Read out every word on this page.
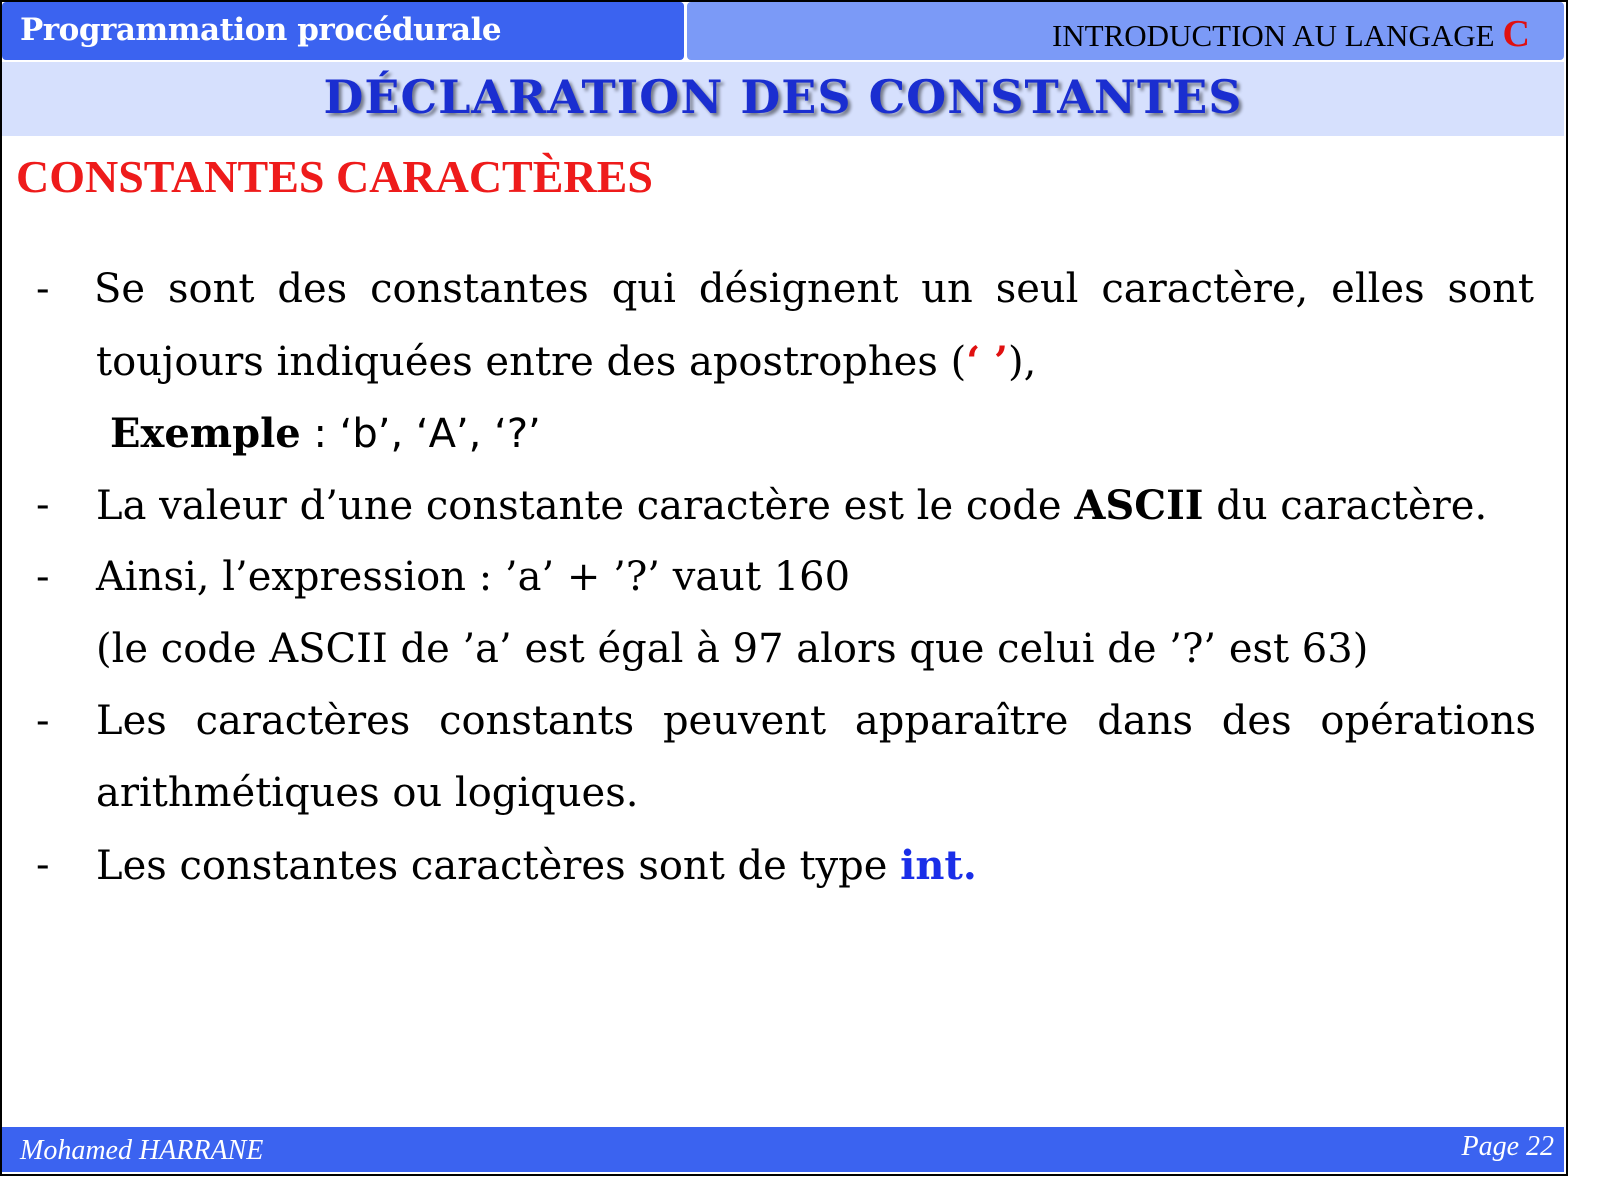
Programmation procédurale	INTRODUCTION AU LANGAGE C
DÉCLARATION DES CONSTANTES
CONSTANTES CARACTÈRES
- Se sont des constantes qui désignent un seul caractère, elles sont
toujours indiquées entre des apostrophes (‘ ’),
Exemple : ‘b’, ‘A’, ‘?’
- La valeur d’une constante caractère est le code ASCII du caractère.
- Ainsi, l’expression : ’a’ + ’?’ vaut 160
(le code ASCII de ’a’ est égal à 97 alors que celui de ’?’ est 63)
- Les caractères constants peuvent apparaître dans des opérations
arithmétiques ou logiques.
- Les constantes caractères sont de type int.
Mohamed HARRANE	Page 22
